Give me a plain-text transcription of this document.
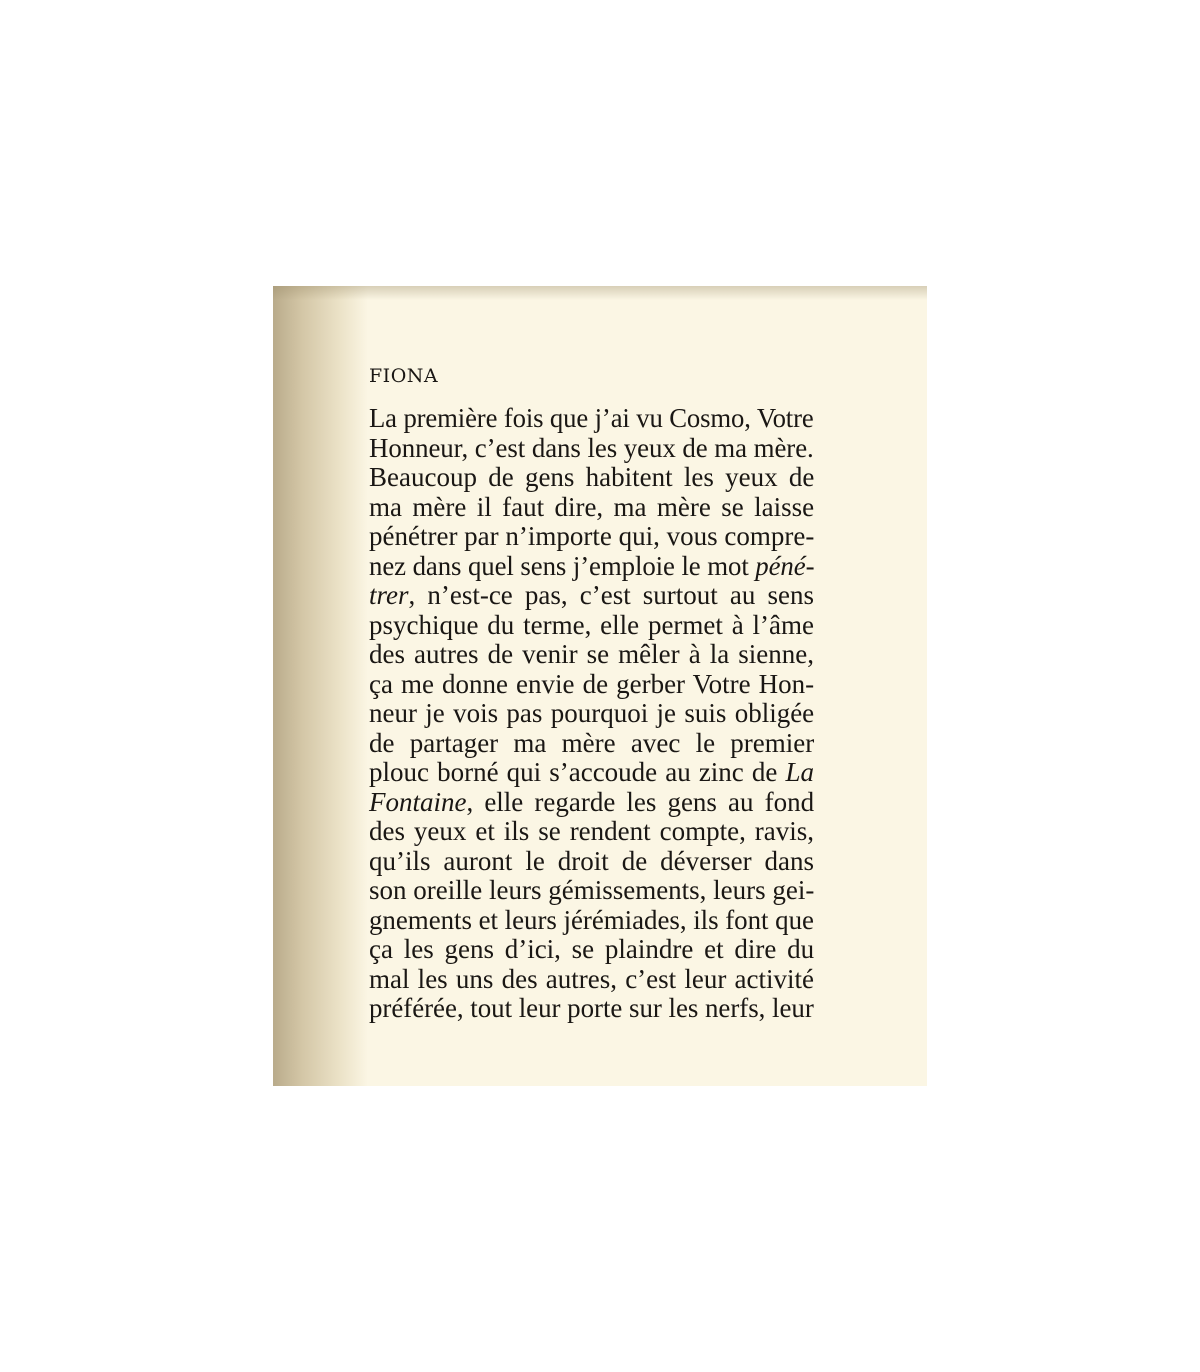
FIONA

La première fois que j’ai vu Cosmo, Votre
Honneur, c’est dans les yeux de ma mère.
Beaucoup de gens habitent les yeux de
ma mère il faut dire, ma mère se laisse
pénétrer par n’importe qui, vous compre-
nez dans quel sens j’emploie le mot péné-
trer, n’est-ce pas, c’est surtout au sens
psychique du terme, elle permet à l’âme
des autres de venir se mêler à la sienne,
ça me donne envie de gerber Votre Hon-
neur je vois pas pourquoi je suis obligée
de partager ma mère avec le premier
plouc borné qui s’accoude au zinc de La
Fontaine, elle regarde les gens au fond
des yeux et ils se rendent compte, ravis,
qu’ils auront le droit de déverser dans
son oreille leurs gémissements, leurs gei-
gnements et leurs jérémiades, ils font que
ça les gens d’ici, se plaindre et dire du
mal les uns des autres, c’est leur activité
préférée, tout leur porte sur les nerfs, leur
